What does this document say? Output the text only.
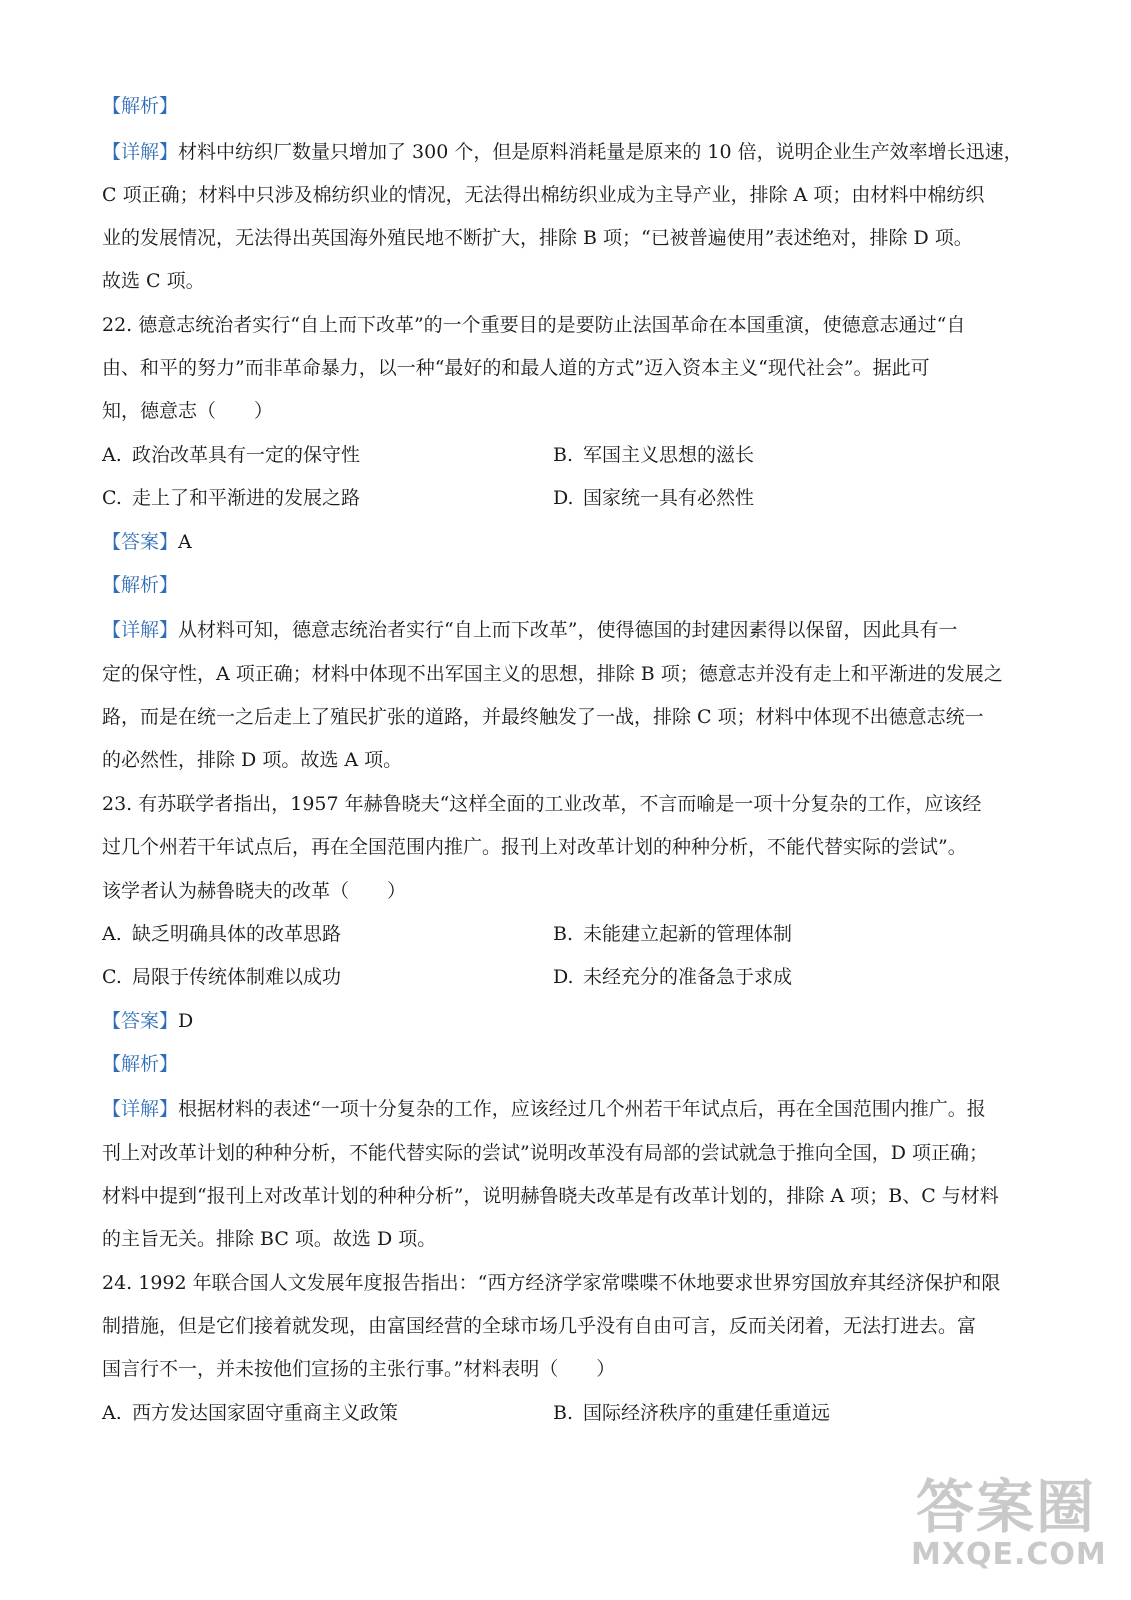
【解析】
【详解】材料中纺织厂数量只增加了 300 个，但是原料消耗量是原来的 10 倍，说明企业生产效率增长迅速，
C 项正确；材料中只涉及棉纺织业的情况，无法得出棉纺织业成为主导产业，排除 A 项；由材料中棉纺织
业的发展情况，无法得出英国海外殖民地不断扩大，排除 B 项；“已被普遍使用”表述绝对，排除 D 项。
故选 C 项。
22. 德意志统治者实行“自上而下改革”的一个重要目的是要防止法国革命在本国重演，使德意志通过“自
由、和平的努力”而非革命暴力，以一种“最好的和最人道的方式”迈入资本主义“现代社会”。据此可
知，德意志（　　）
A. 政治改革具有一定的保守性	B. 军国主义思想的滋长
C. 走上了和平渐进的发展之路	D. 国家统一具有必然性
【答案】A
【解析】
【详解】从材料可知，德意志统治者实行“自上而下改革”，使得德国的封建因素得以保留，因此具有一
定的保守性，A 项正确；材料中体现不出军国主义的思想，排除 B 项；德意志并没有走上和平渐进的发展之
路，而是在统一之后走上了殖民扩张的道路，并最终触发了一战，排除 C 项；材料中体现不出德意志统一
的必然性，排除 D 项。故选 A 项。
23. 有苏联学者指出，1957 年赫鲁晓夫“这样全面的工业改革，不言而喻是一项十分复杂的工作，应该经
过几个州若干年试点后，再在全国范围内推广。报刊上对改革计划的种种分析，不能代替实际的尝试”。
该学者认为赫鲁晓夫的改革（　　）
A. 缺乏明确具体的改革思路	B. 未能建立起新的管理体制
C. 局限于传统体制难以成功	D. 未经充分的准备急于求成
【答案】D
【解析】
【详解】根据材料的表述“一项十分复杂的工作，应该经过几个州若干年试点后，再在全国范围内推广。报
刊上对改革计划的种种分析，不能代替实际的尝试”说明改革没有局部的尝试就急于推向全国，D 项正确；
材料中提到“报刊上对改革计划的种种分析”，说明赫鲁晓夫改革是有改革计划的，排除 A 项；B、C 与材料
的主旨无关。排除 BC 项。故选 D 项。
24. 1992 年联合国人文发展年度报告指出：“西方经济学家常喋喋不休地要求世界穷国放弃其经济保护和限
制措施，但是它们接着就发现，由富国经营的全球市场几乎没有自由可言，反而关闭着，无法打进去。富
国言行不一，并未按他们宣扬的主张行事。”材料表明（　　）
A. 西方发达国家固守重商主义政策	B. 国际经济秩序的重建任重道远
答案圈
MXQE.COM
